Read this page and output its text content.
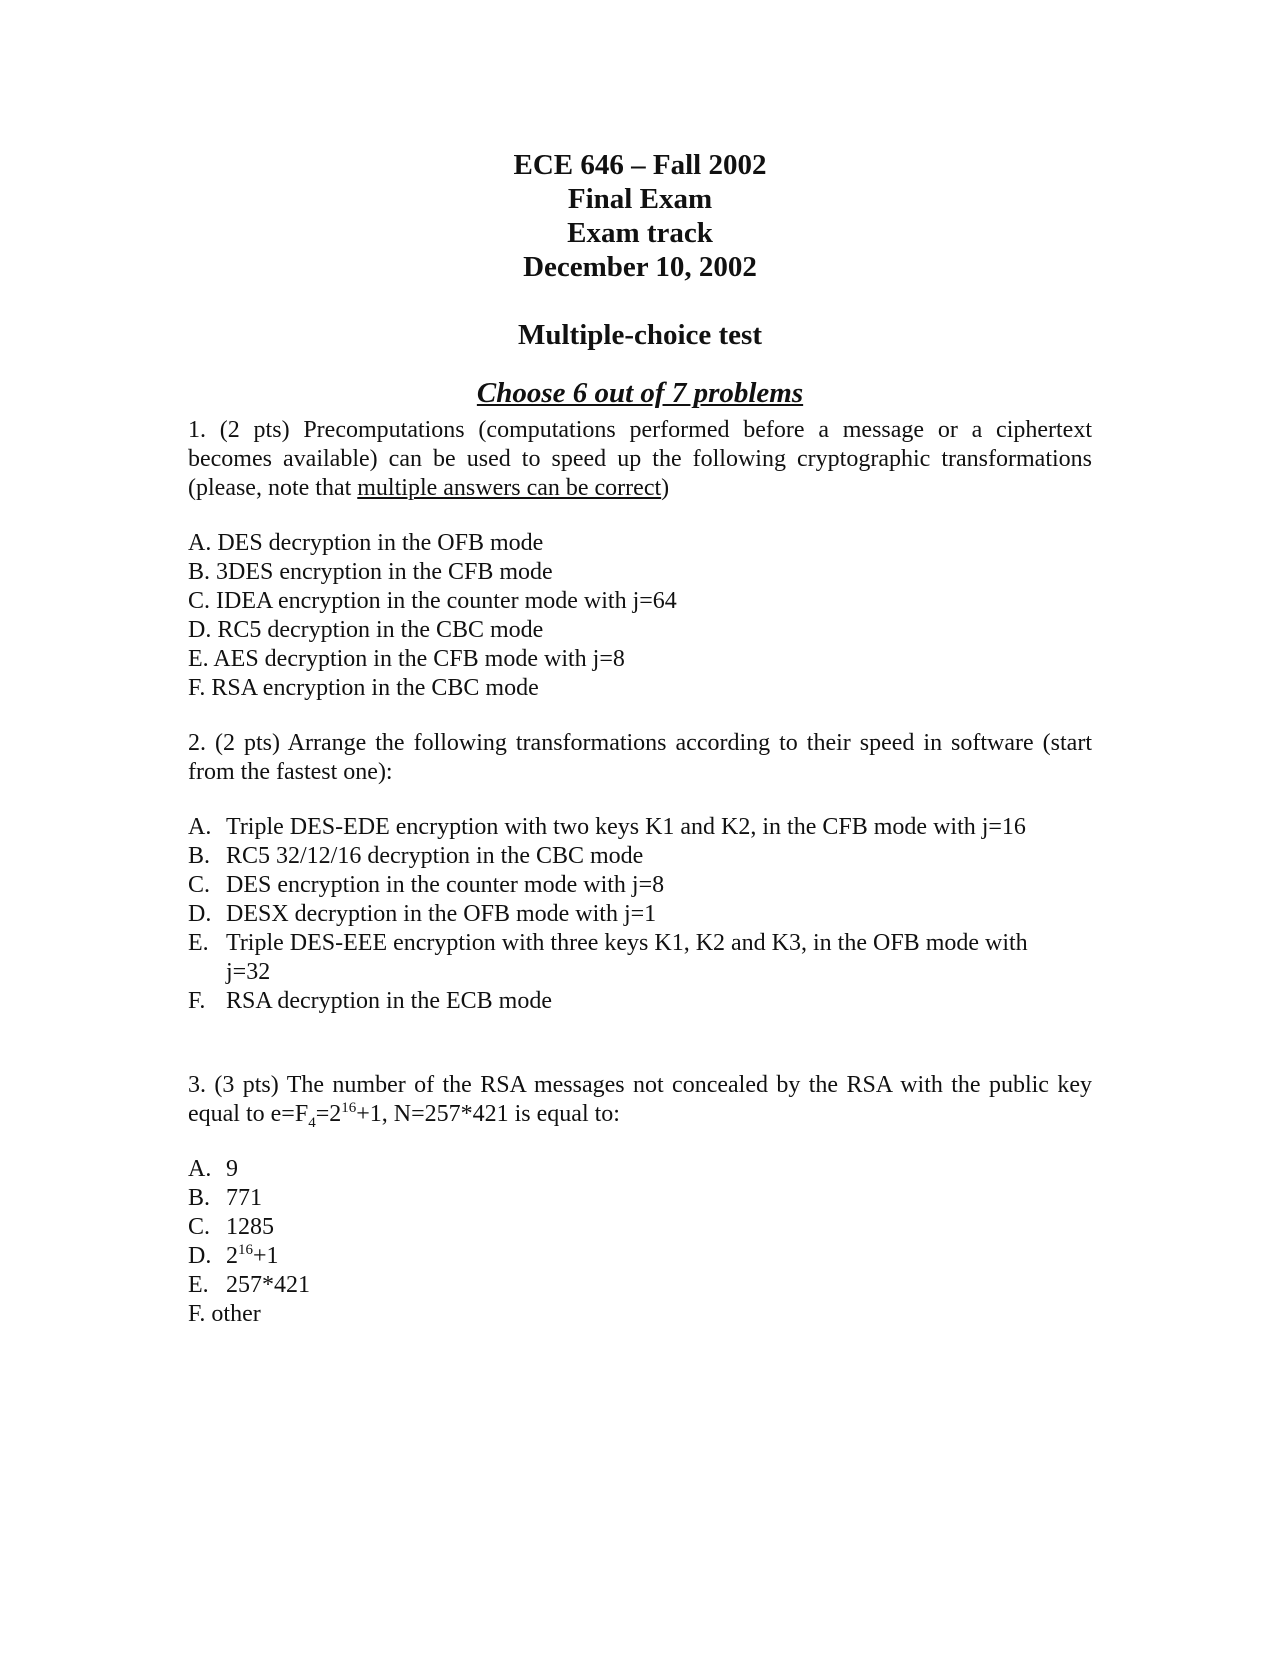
ECE 646 – Fall 2002
Final Exam
Exam track
December 10, 2002
Multiple-choice test
Choose 6 out of 7 problems
1. (2 pts) Precomputations (computations performed before a message or a ciphertext becomes available) can be used to speed up the following cryptographic transformations (please, note that multiple answers can be correct)
A. DES decryption in the OFB mode
B. 3DES encryption in the CFB mode
C. IDEA encryption in the counter mode with j=64
D. RC5 decryption in the CBC mode
E. AES decryption in the CFB mode with j=8
F. RSA encryption in the CBC mode
2. (2 pts) Arrange the following transformations according to their speed in software (start from the fastest one):
A. Triple DES-EDE encryption with two keys K1 and K2, in the CFB mode with j=16
B. RC5 32/12/16 decryption in the CBC mode
C. DES encryption in the counter mode with j=8
D. DESX decryption in the OFB mode with j=1
E. Triple DES-EEE encryption with three keys K1, K2 and K3, in the OFB mode with j=32
F. RSA decryption in the ECB mode
3. (3 pts) The number of the RSA messages not concealed by the RSA with the public key equal to $e=F_4=2^{16}+1$, N=257*421 is equal to:
A. 9
B. 771
C. 1285
D. $2^{16}+1$
E. 257*421
F. other
